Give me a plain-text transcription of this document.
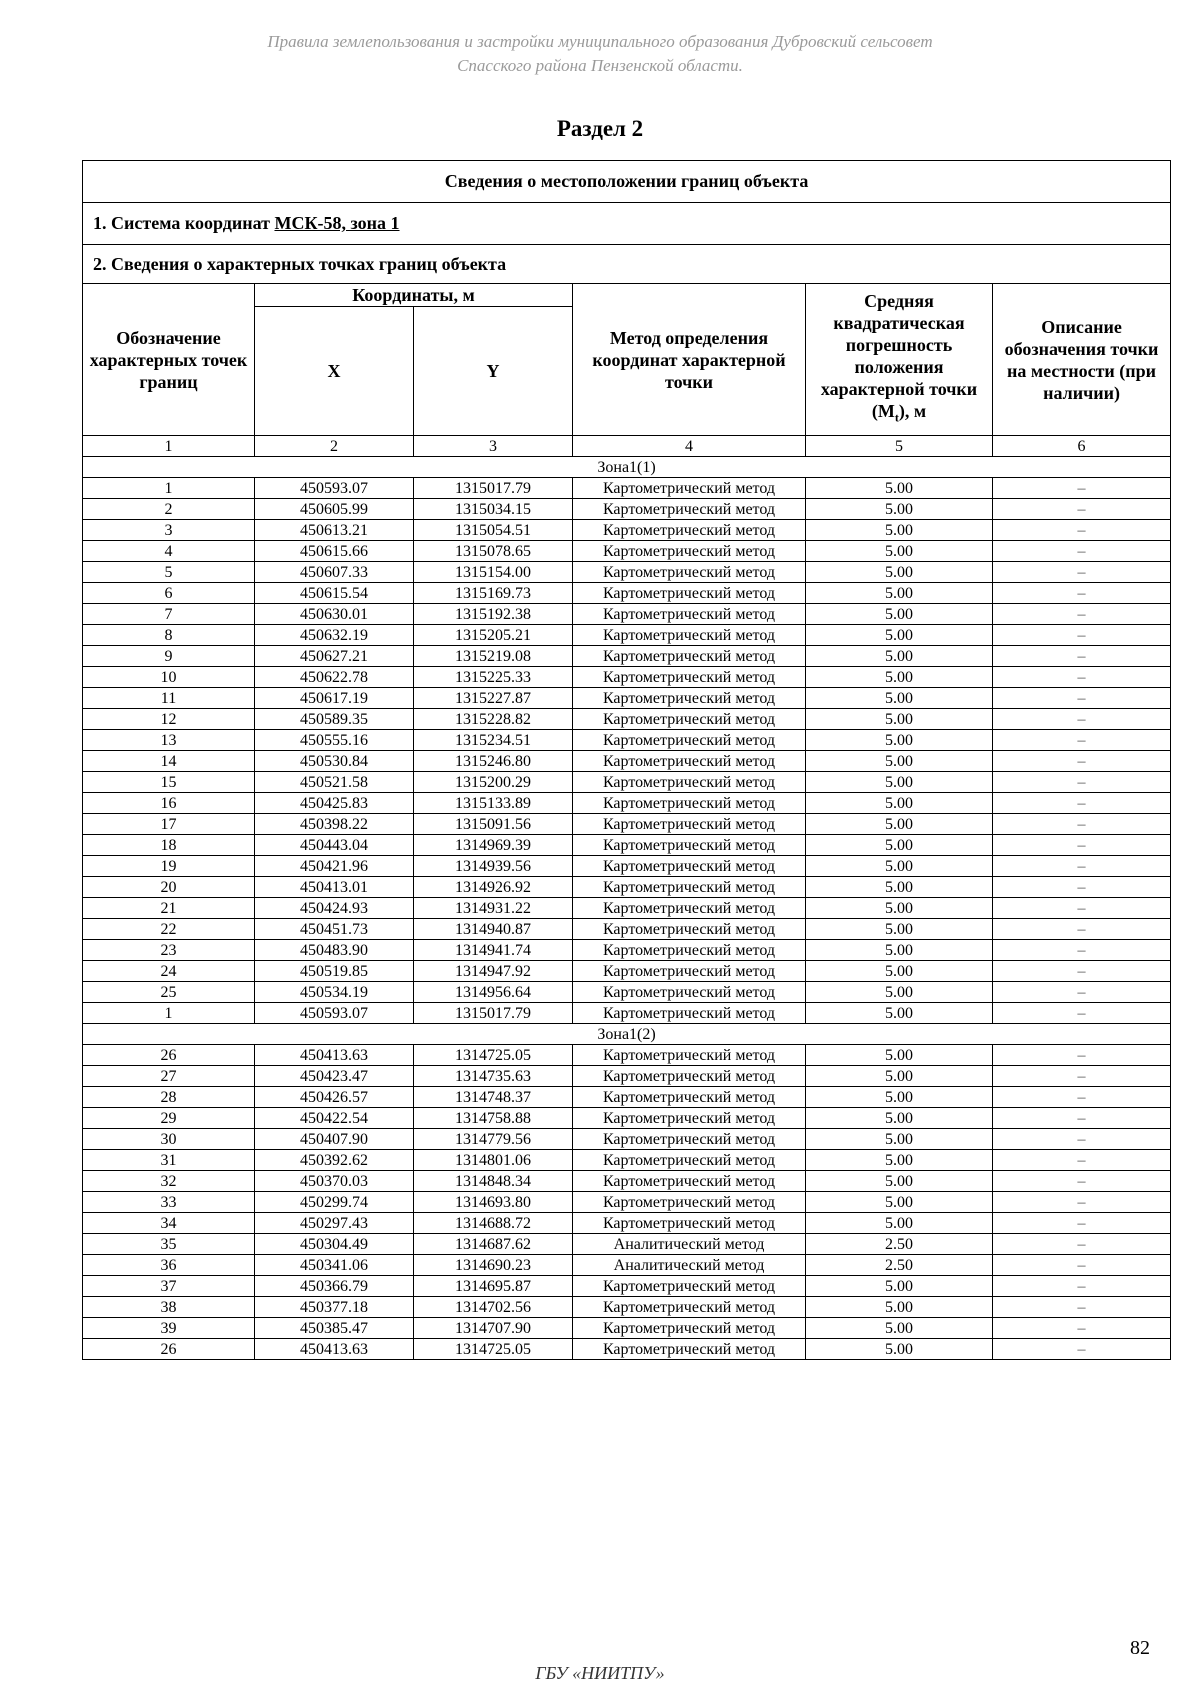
Правила землепользования и застройки муниципального образования Дубровский сельсовет
Спасского района Пензенской области.
Раздел 2
Сведения о местоположении границ объекта					
1. Система координат МСК-58, зона 1					
2. Сведения о характерных точках границ объекта					
Обозначение характерных точек границ	Координаты, м		Метод определения координат характерной точки	Средняя квадратическая погрешность положения характерной точки $(M_t)$, м	Описание обозначения точки на местности (при наличии)
	X	Y			
1	2	3	4	5	6
Зона1(1)					
1	450593.07	1315017.79	Картометрический метод	5.00	–
2	450605.99	1315034.15	Картометрический метод	5.00	–
3	450613.21	1315054.51	Картометрический метод	5.00	–
4	450615.66	1315078.65	Картометрический метод	5.00	–
5	450607.33	1315154.00	Картометрический метод	5.00	–
6	450615.54	1315169.73	Картометрический метод	5.00	–
7	450630.01	1315192.38	Картометрический метод	5.00	–
8	450632.19	1315205.21	Картометрический метод	5.00	–
9	450627.21	1315219.08	Картометрический метод	5.00	–
10	450622.78	1315225.33	Картометрический метод	5.00	–
11	450617.19	1315227.87	Картометрический метод	5.00	–
12	450589.35	1315228.82	Картометрический метод	5.00	–
13	450555.16	1315234.51	Картометрический метод	5.00	–
14	450530.84	1315246.80	Картометрический метод	5.00	–
15	450521.58	1315200.29	Картометрический метод	5.00	–
16	450425.83	1315133.89	Картометрический метод	5.00	–
17	450398.22	1315091.56	Картометрический метод	5.00	–
18	450443.04	1314969.39	Картометрический метод	5.00	–
19	450421.96	1314939.56	Картометрический метод	5.00	–
20	450413.01	1314926.92	Картометрический метод	5.00	–
21	450424.93	1314931.22	Картометрический метод	5.00	–
22	450451.73	1314940.87	Картометрический метод	5.00	–
23	450483.90	1314941.74	Картометрический метод	5.00	–
24	450519.85	1314947.92	Картометрический метод	5.00	–
25	450534.19	1314956.64	Картометрический метод	5.00	–
1	450593.07	1315017.79	Картометрический метод	5.00	–
Зона1(2)					
26	450413.63	1314725.05	Картометрический метод	5.00	–
27	450423.47	1314735.63	Картометрический метод	5.00	–
28	450426.57	1314748.37	Картометрический метод	5.00	–
29	450422.54	1314758.88	Картометрический метод	5.00	–
30	450407.90	1314779.56	Картометрический метод	5.00	–
31	450392.62	1314801.06	Картометрический метод	5.00	–
32	450370.03	1314848.34	Картометрический метод	5.00	–
33	450299.74	1314693.80	Картометрический метод	5.00	–
34	450297.43	1314688.72	Картометрический метод	5.00	–
35	450304.49	1314687.62	Аналитический метод	2.50	–
36	450341.06	1314690.23	Аналитический метод	2.50	–
37	450366.79	1314695.87	Картометрический метод	5.00	–
38	450377.18	1314702.56	Картометрический метод	5.00	–
39	450385.47	1314707.90	Картометрический метод	5.00	–
26	450413.63	1314725.05	Картометрический метод	5.00	–
82
ГБУ «НИИТПУ»
